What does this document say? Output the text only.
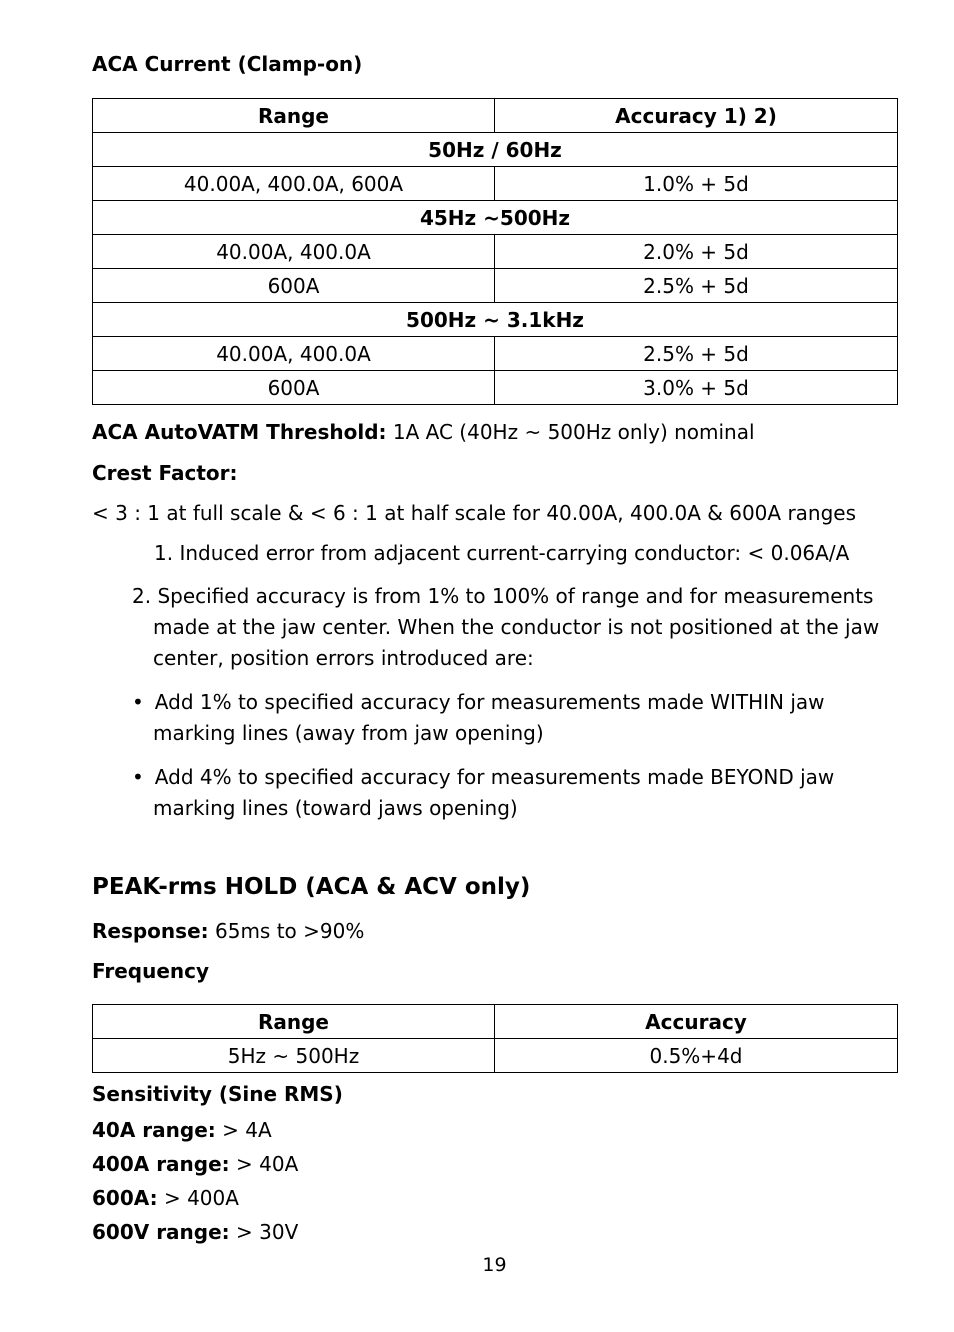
ACA Current (Clamp-on)
Range	Accuracy 1) 2)
50Hz / 60Hz	
40.00A, 400.0A, 600A	1.0% + 5d
45Hz ~500Hz	
40.00A, 400.0A	2.0% + 5d
600A	2.5% + 5d
500Hz ~ 3.1kHz	
40.00A, 400.0A	2.5% + 5d
600A	3.0% + 5d
ACA AutoVATM Threshold: 1A AC (40Hz ~ 500Hz only) nominal
Crest Factor:
< 3 : 1 at full scale & < 6 : 1 at half scale for 40.00A, 400.0A & 600A ranges
1. Induced error from adjacent current-carrying conductor: < 0.06A/A
2. Specified accuracy is from 1% to 100% of range and for measurements
made at the jaw center. When the conductor is not positioned at the jaw
center, position errors introduced are:
• Add 1% to specified accuracy for measurements made WITHIN jaw
marking lines (away from jaw opening)
• Add 4% to specified accuracy for measurements made BEYOND jaw
marking lines (toward jaws opening)
PEAK-rms HOLD (ACA & ACV only)
Response: 65ms to >90%
Frequency
Range	Accuracy
5Hz ~ 500Hz	0.5%+4d
Sensitivity (Sine RMS)
40A range: > 4A
400A range: > 40A
600A: > 400A
600V range: > 30V
19
